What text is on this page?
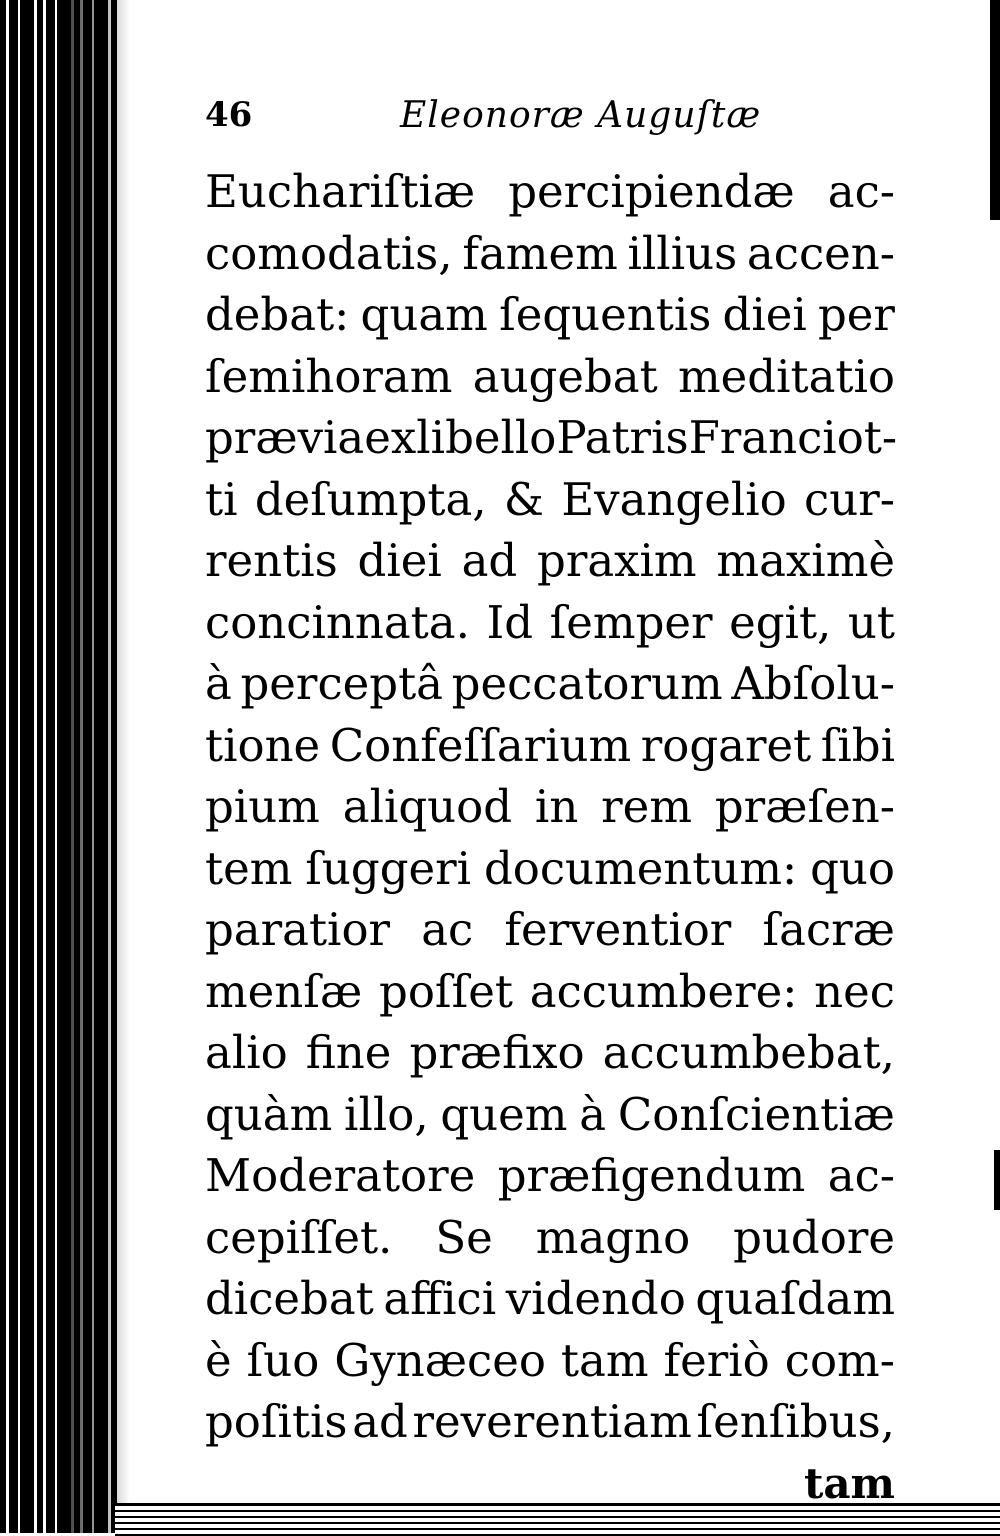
46	Eleonoræ Auguſtæ
Euchariſtiæ percipiendæ ac-
comodatis, famem illius accen-
debat: quam ſequentis diei per
ſemihoram augebat meditatio
prævia ex libello Patris Franciot-
ti deſumpta, & Evangelio cur-
rentis diei ad praxim maximè
concinnata. Id ſemper egit, ut
à perceptâ peccatorum Abſolu-
tione Confeſſarium rogaret ſibi
pium aliquod in rem præſen-
tem ſuggeri documentum: quo
paratior ac ferventior ſacræ
menſæ poſſet accumbere: nec
alio fine præfixo accumbebat,
quàm illo, quem à Conſcientiæ
Moderatore præfigendum ac-
cepiſſet. Se magno pudore
dicebat affici videndo quaſdam
è ſuo Gynæceo tam feriò com-
poſitis ad reverentiam ſenſibus,
tam
